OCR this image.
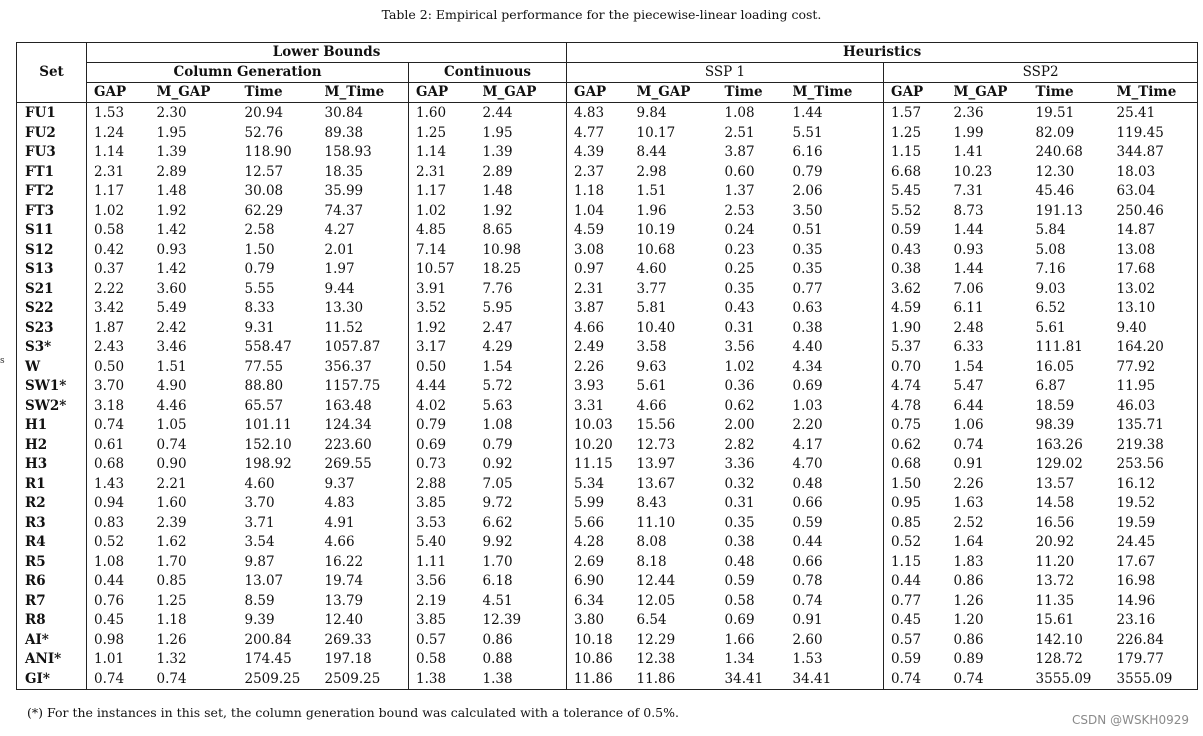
Table 2: Empirical performance for the piecewise-linear loading cost.
s
Set	Lower Bounds						Heuristics							
	Column Generation				Continuous		SSP 1				SSP2			
	GAP	M_GAP	Time	M_Time	GAP	M_GAP	GAP	M_GAP	Time	M_Time	GAP	M_GAP	Time	M_Time
FU1	1.53	2.30	20.94	30.84	1.60	2.44	4.83	9.84	1.08	1.44	1.57	2.36	19.51	25.41
FU2	1.24	1.95	52.76	89.38	1.25	1.95	4.77	10.17	2.51	5.51	1.25	1.99	82.09	119.45
FU3	1.14	1.39	118.90	158.93	1.14	1.39	4.39	8.44	3.87	6.16	1.15	1.41	240.68	344.87
FT1	2.31	2.89	12.57	18.35	2.31	2.89	2.37	2.98	0.60	0.79	6.68	10.23	12.30	18.03
FT2	1.17	1.48	30.08	35.99	1.17	1.48	1.18	1.51	1.37	2.06	5.45	7.31	45.46	63.04
FT3	1.02	1.92	62.29	74.37	1.02	1.92	1.04	1.96	2.53	3.50	5.52	8.73	191.13	250.46
S11	0.58	1.42	2.58	4.27	4.85	8.65	4.59	10.19	0.24	0.51	0.59	1.44	5.84	14.87
S12	0.42	0.93	1.50	2.01	7.14	10.98	3.08	10.68	0.23	0.35	0.43	0.93	5.08	13.08
S13	0.37	1.42	0.79	1.97	10.57	18.25	0.97	4.60	0.25	0.35	0.38	1.44	7.16	17.68
S21	2.22	3.60	5.55	9.44	3.91	7.76	2.31	3.77	0.35	0.77	3.62	7.06	9.03	13.02
S22	3.42	5.49	8.33	13.30	3.52	5.95	3.87	5.81	0.43	0.63	4.59	6.11	6.52	13.10
S23	1.87	2.42	9.31	11.52	1.92	2.47	4.66	10.40	0.31	0.38	1.90	2.48	5.61	9.40
S3*	2.43	3.46	558.47	1057.87	3.17	4.29	2.49	3.58	3.56	4.40	5.37	6.33	111.81	164.20
W	0.50	1.51	77.55	356.37	0.50	1.54	2.26	9.63	1.02	4.34	0.70	1.54	16.05	77.92
SW1*	3.70	4.90	88.80	1157.75	4.44	5.72	3.93	5.61	0.36	0.69	4.74	5.47	6.87	11.95
SW2*	3.18	4.46	65.57	163.48	4.02	5.63	3.31	4.66	0.62	1.03	4.78	6.44	18.59	46.03
H1	0.74	1.05	101.11	124.34	0.79	1.08	10.03	15.56	2.00	2.20	0.75	1.06	98.39	135.71
H2	0.61	0.74	152.10	223.60	0.69	0.79	10.20	12.73	2.82	4.17	0.62	0.74	163.26	219.38
H3	0.68	0.90	198.92	269.55	0.73	0.92	11.15	13.97	3.36	4.70	0.68	0.91	129.02	253.56
R1	1.43	2.21	4.60	9.37	2.88	7.05	5.34	13.67	0.32	0.48	1.50	2.26	13.57	16.12
R2	0.94	1.60	3.70	4.83	3.85	9.72	5.99	8.43	0.31	0.66	0.95	1.63	14.58	19.52
R3	0.83	2.39	3.71	4.91	3.53	6.62	5.66	11.10	0.35	0.59	0.85	2.52	16.56	19.59
R4	0.52	1.62	3.54	4.66	5.40	9.92	4.28	8.08	0.38	0.44	0.52	1.64	20.92	24.45
R5	1.08	1.70	9.87	16.22	1.11	1.70	2.69	8.18	0.48	0.66	1.15	1.83	11.20	17.67
R6	0.44	0.85	13.07	19.74	3.56	6.18	6.90	12.44	0.59	0.78	0.44	0.86	13.72	16.98
R7	0.76	1.25	8.59	13.79	2.19	4.51	6.34	12.05	0.58	0.74	0.77	1.26	11.35	14.96
R8	0.45	1.18	9.39	12.40	3.85	12.39	3.80	6.54	0.69	0.91	0.45	1.20	15.61	23.16
AI*	0.98	1.26	200.84	269.33	0.57	0.86	10.18	12.29	1.66	2.60	0.57	0.86	142.10	226.84
ANI*	1.01	1.32	174.45	197.18	0.58	0.88	10.86	12.38	1.34	1.53	0.59	0.89	128.72	179.77
GI*	0.74	0.74	2509.25	2509.25	1.38	1.38	11.86	11.86	34.41	34.41	0.74	0.74	3555.09	3555.09
(*) For the instances in this set, the column generation bound was calculated with a tolerance of 0.5%.	CSDN @WSKH0929
